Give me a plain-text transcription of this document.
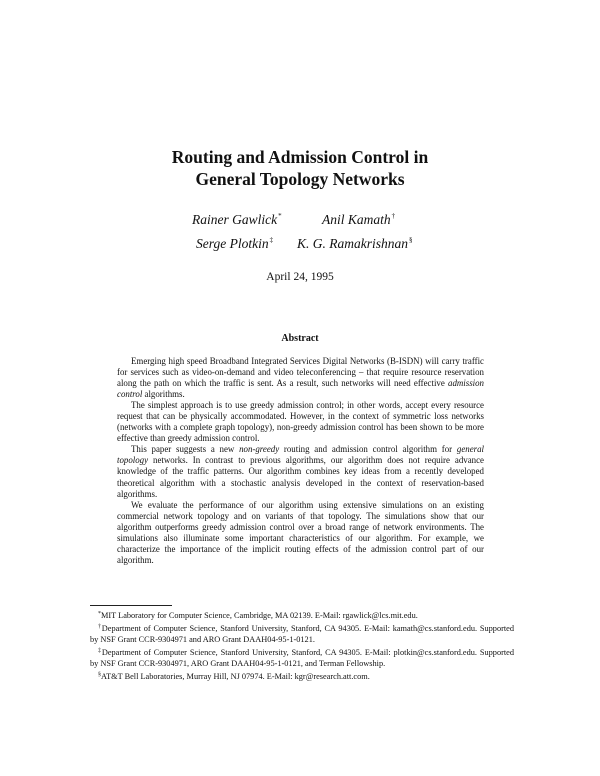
Routing and Admission Control in
General Topology Networks
Rainer Gawlick*	Anil Kamath†
Serge Plotkin‡ K. G. Ramakrishnan§
April 24, 1995
Abstract

Emerging high speed Broadband Integrated Services Digital Networks (B-ISDN) will carry traffic for services such as video-on-demand and video teleconferencing – that require resource reservation along the path on which the traffic is sent. As a result, such networks will need effective admission control algorithms.

The simplest approach is to use greedy admission control; in other words, accept every resource request that can be physically accommodated. However, in the context of symmetric loss networks (networks with a complete graph topology), non-greedy admission control has been shown to be more effective than greedy admission control.

This paper suggests a new non-greedy routing and admission control algorithm for general topology networks. In contrast to previous algorithms, our algorithm does not require advance knowledge of the traffic patterns. Our algorithm combines key ideas from a recently developed theoretical algorithm with a stochastic analysis developed in the context of reservation-based algorithms.

We evaluate the performance of our algorithm using extensive simulations on an existing commercial network topology and on variants of that topology. The simulations show that our algorithm outperforms greedy admission control over a broad range of network environments. The simulations also illuminate some important characteristics of our algorithm. For example, we characterize the importance of the implicit routing effects of the admission control part of our algorithm.

*MIT Laboratory for Computer Science, Cambridge, MA 02139. E-Mail: rgawlick@lcs.mit.edu.

†Department of Computer Science, Stanford University, Stanford, CA 94305. E-Mail: kamath@cs.stanford.edu. Supported by NSF Grant CCR-9304971 and ARO Grant DAAH04-95-1-0121.

‡Department of Computer Science, Stanford University, Stanford, CA 94305. E-Mail: plotkin@cs.stanford.edu. Supported by NSF Grant CCR-9304971, ARO Grant DAAH04-95-1-0121, and Terman Fellowship.

§AT&T Bell Laboratories, Murray Hill, NJ 07974. E-Mail: kgr@research.att.com.
